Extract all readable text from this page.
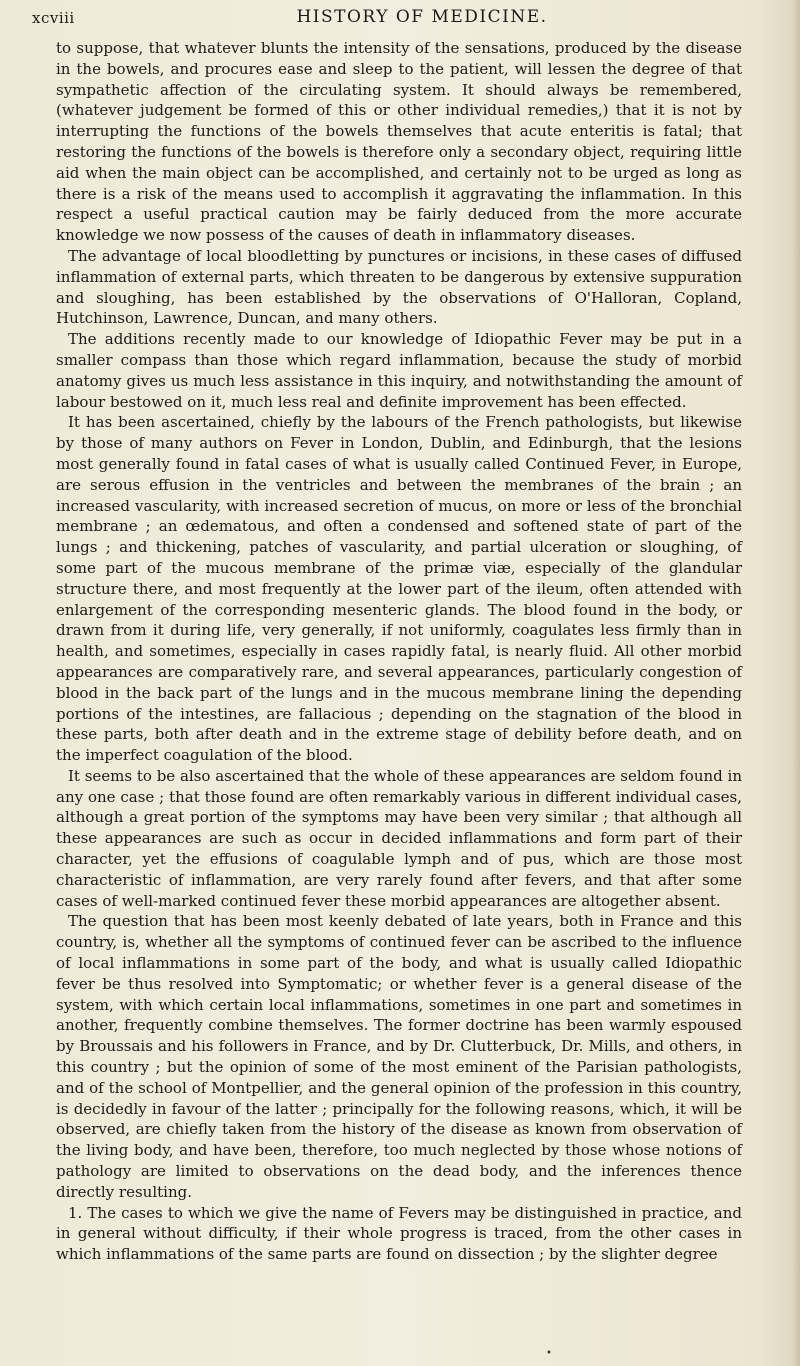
xcviii	HISTORY OF MEDICINE.

to suppose, that whatever blunts the intensity of the sensations, produced by the disease in the bowels, and procures ease and sleep to the patient, will lessen the degree of that sympathetic affection of the circulating system. It should always be remembered, (whatever judgement be formed of this or other individual remedies,) that it is not by interrupting the functions of the bowels themselves that acute enteritis is fatal; that restoring the functions of the bowels is therefore only a secondary object, requiring little aid when the main object can be accomplished, and certainly not to be urged as long as there is a risk of the means used to accomplish it aggravating the inflammation. In this respect a useful practical caution may be fairly deduced from the more accurate knowledge we now possess of the causes of death in inflammatory diseases.

The advantage of local bloodletting by punctures or incisions, in these cases of diffused inflammation of external parts, which threaten to be dangerous by extensive suppuration and sloughing, has been established by the observations of O'Halloran, Copland, Hutchinson, Lawrence, Duncan, and many others.

The additions recently made to our knowledge of Idiopathic Fever may be put in a smaller compass than those which regard inflammation, because the study of morbid anatomy gives us much less assistance in this inquiry, and notwithstanding the amount of labour bestowed on it, much less real and definite improvement has been effected.

It has been ascertained, chiefly by the labours of the French pathologists, but likewise by those of many authors on Fever in London, Dublin, and Edinburgh, that the lesions most generally found in fatal cases of what is usually called Continued Fever, in Europe, are serous effusion in the ventricles and between the membranes of the brain ; an increased vascularity, with increased secretion of mucus, on more or less of the bronchial membrane ; an œdematous, and often a condensed and softened state of part of the lungs ; and thickening, patches of vascularity, and partial ulceration or sloughing, of some part of the mucous membrane of the primæ viæ, especially of the glandular structure there, and most frequently at the lower part of the ileum, often attended with enlargement of the corresponding mesenteric glands. The blood found in the body, or drawn from it during life, very generally, if not uniformly, coagulates less firmly than in health, and sometimes, especially in cases rapidly fatal, is nearly fluid. All other morbid appearances are comparatively rare, and several appearances, particularly congestion of blood in the back part of the lungs and in the mucous membrane lining the depending portions of the intestines, are fallacious ; depending on the stagnation of the blood in these parts, both after death and in the extreme stage of debility before death, and on the imperfect coagulation of the blood.

It seems to be also ascertained that the whole of these appearances are seldom found in any one case ; that those found are often remarkably various in different individual cases, although a great portion of the symptoms may have been very similar ; that although all these appearances are such as occur in decided inflammations and form part of their character, yet the effusions of coagulable lymph and of pus, which are those most characteristic of inflammation, are very rarely found after fevers, and that after some cases of well-marked continued fever these morbid appearances are altogether absent.

The question that has been most keenly debated of late years, both in France and this country, is, whether all the symptoms of continued fever can be ascribed to the influence of local inflammations in some part of the body, and what is usually called Idiopathic fever be thus resolved into Symptomatic; or whether fever is a general disease of the system, with which certain local inflammations, sometimes in one part and sometimes in another, frequently combine themselves. The former doctrine has been warmly espoused by Broussais and his followers in France, and by Dr. Clutterbuck, Dr. Mills, and others, in this country ; but the opinion of some of the most eminent of the Parisian pathologists, and of the school of Montpellier, and the general opinion of the profession in this country, is decidedly in favour of the latter ; principally for the following reasons, which, it will be observed, are chiefly taken from the history of the disease as known from observation of the living body, and have been, therefore, too much neglected by those whose notions of pathology are limited to observations on the dead body, and the inferences thence directly resulting.

1. The cases to which we give the name of Fevers may be distinguished in practice, and in general without difficulty, if their whole progress is traced, from the other cases in which inflammations of the same parts are found on dissection ; by the slighter degree

•
